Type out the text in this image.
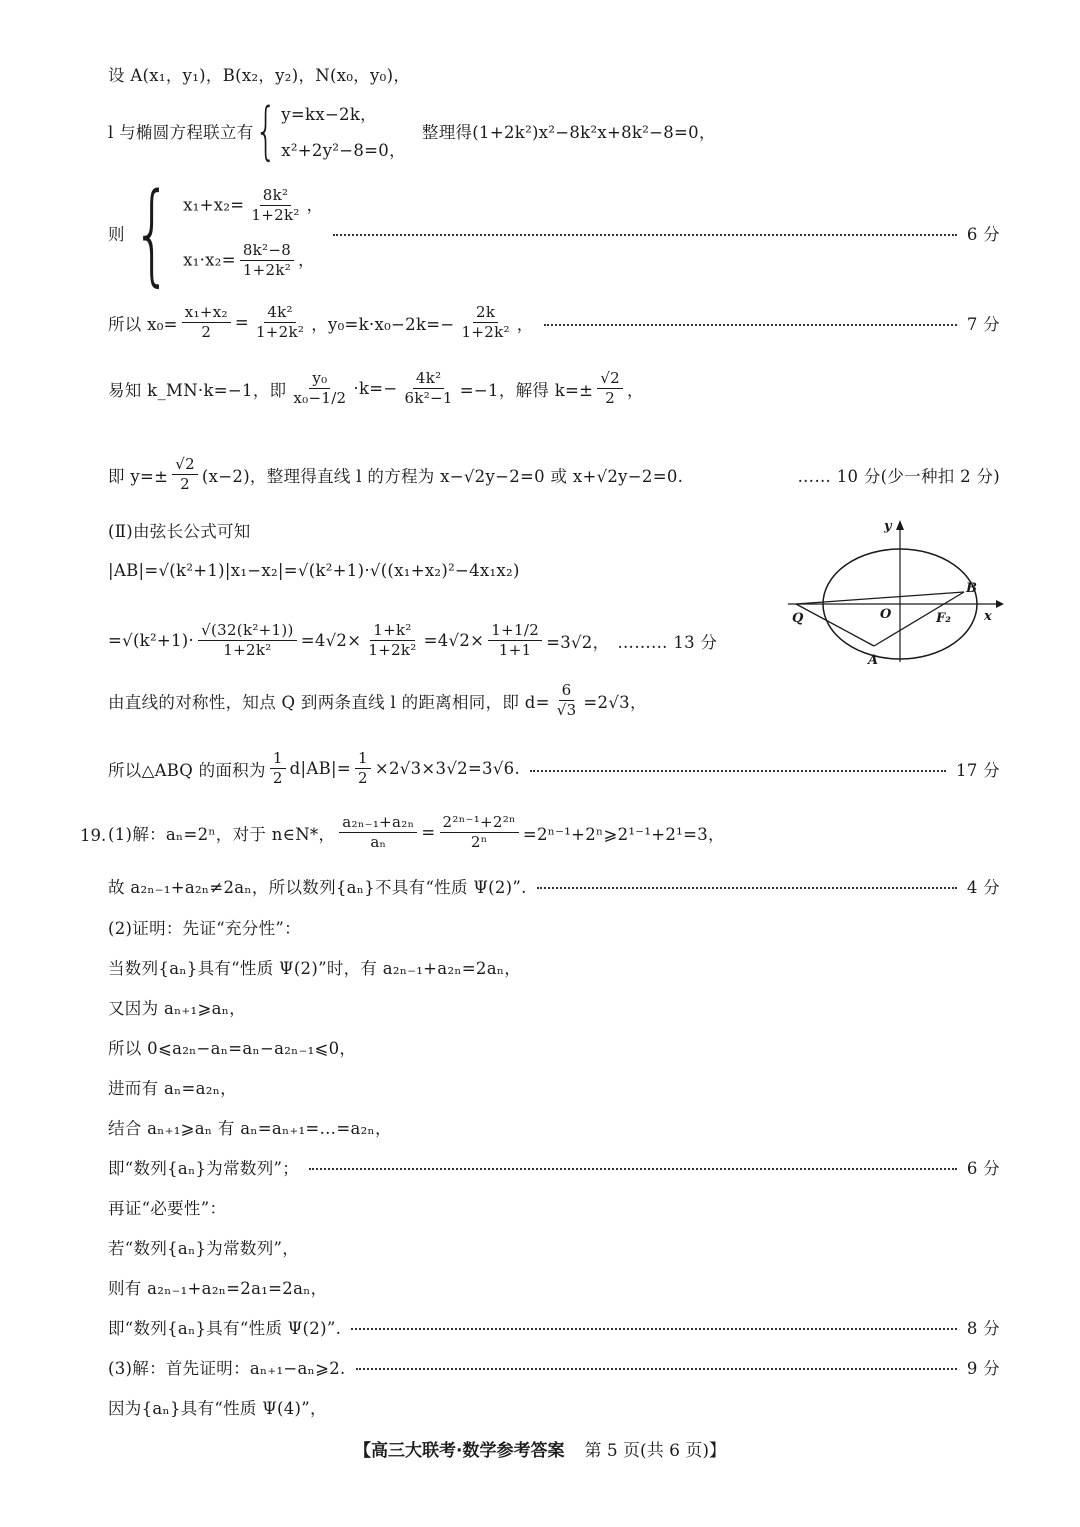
设 A(x₁，y₁)，B(x₂，y₂)，N(x₀，y₀)，
l 与椭圆方程联立有 { y=kx−2k，
x²+2y²−8=0，
整理得(1+2k²)x²−8k²x+8k²−8=0，
则 { $x_1+x_2= \frac{\text{8k²}}{\text{1+2k²}}$ ，
$x_1\cdot x_2= \frac{\text{8k²−8}}{\text{1+2k²}}$ ，
6 分
所以 $x_0= \frac{\text{x₁+x₂}}{2} = \frac{\text{4k²}}{\text{1+2k²}}$ ，$y_0=k\cdot x_0-2k=- \frac{2k}{\text{1+2k²}}$ ，	7 分
易知 k_MN·k=−1，即 $\frac{\text{y₀}}{\text{x₀−1/2}} \cdot k=- \frac{\text{4k²}}{\text{6k²−1}} =-1$，解得 $k=\pm \frac{√2}{2}$ ，
即 $y=\pm \frac{√2}{2} (x-2)$，整理得直线 l 的方程为 x−√2y−2=0 或 x+√2y−2=0.	…… 10 分(少一种扣 2 分)
(Ⅱ)由弦长公式可知
|AB|=√(k²+1)|x₁−x₂|=√(k²+1)·√((x₁+x₂)²−4x₁x₂)
$=√(k^2+1)\cdot \frac{\text{√(32(k²+1))}}{\text{1+2k²}} =4√2\times \frac{\text{1+k²}}{\text{1+2k²}} =4√2\times \frac{1+1/2}{1+1} =3√2$， ……… 13 分
y
x
O
B
Q	F₂
A
由直线的对称性，知点 Q 到两条直线 l 的距离相同，即 $d= \frac{6}{√3} =2√3$，
所以△ABQ 的面积为 $\frac{1}{2} d|AB|= \frac{1}{2} \times 2√3\times 3√2=3√6$.	17 分
19. (1)解：aₙ=2ⁿ，对于 n∈N*， $\frac{\text{a₂ₙ₋₁+a₂ₙ}}{\text{aₙ}} = \frac{\text{2²ⁿ⁻¹+2²ⁿ}}{\text{2ⁿ}}$ =2ⁿ⁻¹+2ⁿ⩾2¹⁻¹+2¹=3，
故 a₂ₙ₋₁+a₂ₙ≠2aₙ，所以数列{aₙ}不具有“性质 Ψ(2)”.	4 分
(2)证明：先证“充分性”：
当数列{aₙ}具有“性质 Ψ(2)”时，有 a₂ₙ₋₁+a₂ₙ=2aₙ，
又因为 aₙ₊₁⩾aₙ，
所以 0⩽a₂ₙ−aₙ=aₙ−a₂ₙ₋₁⩽0，
进而有 aₙ=a₂ₙ，
结合 aₙ₊₁⩾aₙ 有 aₙ=aₙ₊₁=…=a₂ₙ，
即“数列{aₙ}为常数列”；	6 分
再证“必要性”：
若“数列{aₙ}为常数列”，
则有 a₂ₙ₋₁+a₂ₙ=2a₁=2aₙ，
即“数列{aₙ}具有“性质 Ψ(2)”.	8 分
(3)解：首先证明：aₙ₊₁−aₙ⩾2.	9 分
因为{aₙ}具有“性质 Ψ(4)”，
【高三大联考·数学参考答案 第 5 页(共 6 页)】
